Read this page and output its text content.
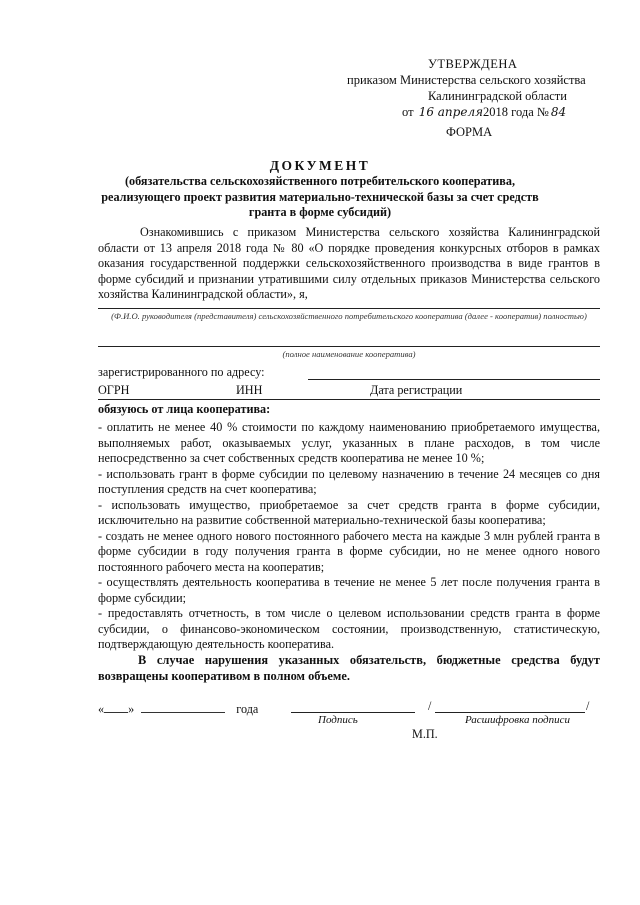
УТВЕРЖДЕНА
приказом Министерства сельского хозяйства
Калининградской области
от 16 апреля2018 года № 84
ФОРМА
ДОКУМЕНТ
(обязательства сельскохозяйственного потребительского кооператива, реализующего проект развития материально-технической базы за счет средств гранта в форме субсидий)
Ознакомившись с приказом Министерства сельского хозяйства Калининградской области от 13 апреля 2018 года № 80 «О порядке проведения конкурсных отборов в рамках оказания государственной поддержки сельскохозяйственного производства в виде грантов в форме субсидий и признании утратившими силу отдельных приказов Министерства сельского хозяйства Калининградской области», я,
(Ф.И.О. руководителя (представителя) сельскохозяйственного потребительского кооператива (далее - кооператив) полностью)
(полное наименование кооператива)
зарегистрированного по адресу:
ОГРН	ИНН	Дата регистрации
обязуюсь от лица кооператива:

- оплатить не менее 40 % стоимости по каждому наименованию приобретаемого имущества, выполняемых работ, оказываемых услуг, указанных в плане расходов, в том числе непосредственно за счет собственных средств кооператива не менее 10 %;

- использовать грант в форме субсидии по целевому назначению в течение 24 месяцев со дня поступления средств на счет кооператива;

- использовать имущество, приобретаемое за счет средств гранта в форме субсидии, исключительно на развитие собственной материально-технической базы кооператива;

- создать не менее одного нового постоянного рабочего места на каждые 3 млн рублей гранта в форме субсидии в году получения гранта в форме субсидии, но не менее одного нового постоянного рабочего места на кооператив;

- осуществлять деятельность кооператива в течение не менее 5 лет после получения гранта в форме субсидии;

- предоставлять отчетность, в том числе о целевом использовании средств гранта в форме субсидии, о финансово-экономическом состоянии, производственную, статистическую, подтверждающую деятельность кооператива.

В случае нарушения указанных обязательств, бюджетные средства будут возвращены кооперативом в полном объеме.
« »	года	/	/
Подпись	Расшифровка подписи
М.П.
